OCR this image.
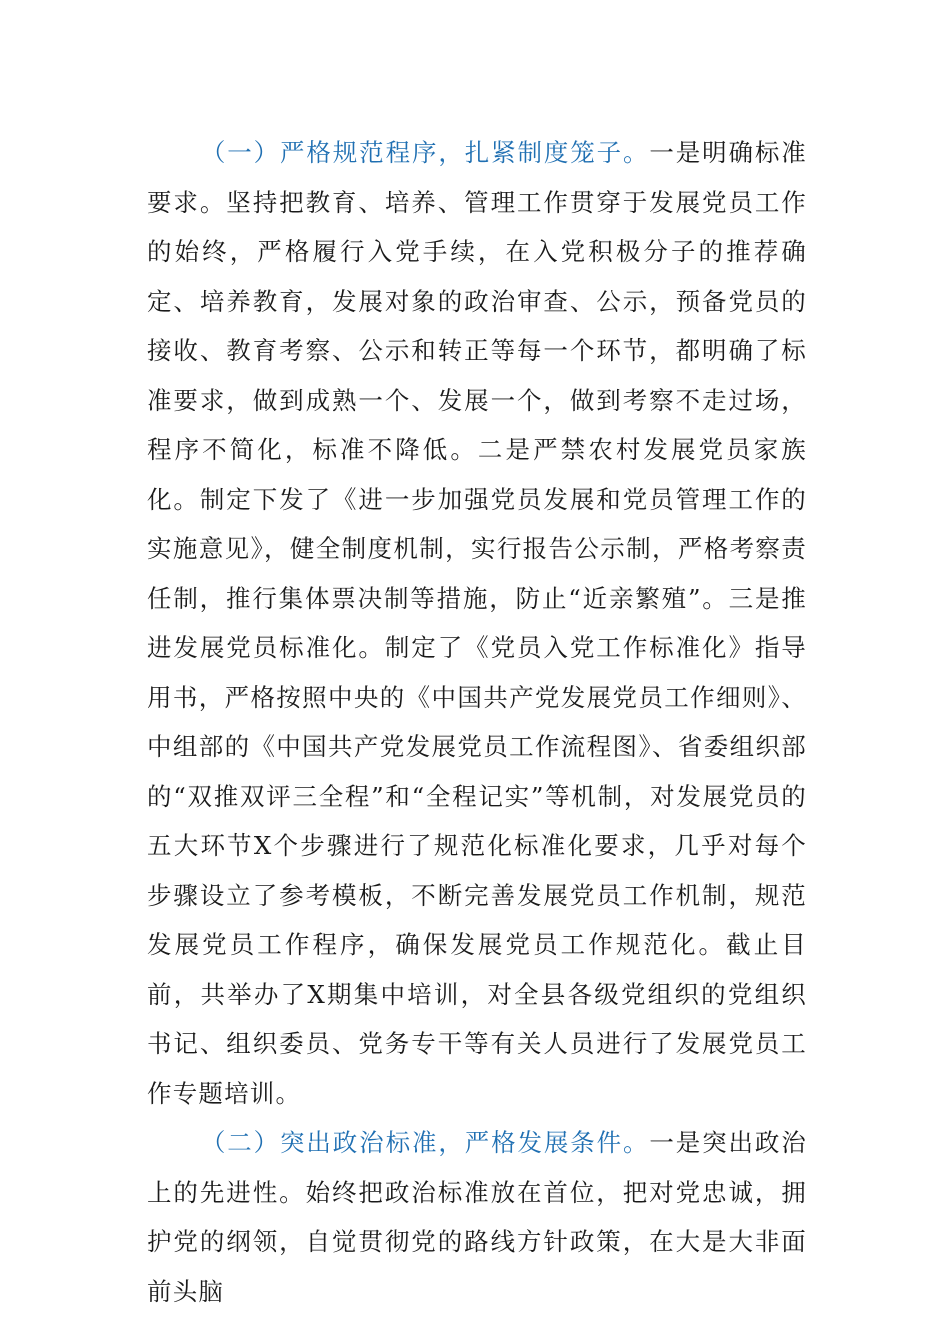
（一）严格规范程序，扎紧制度笼子。一是明确标准要求。坚持把教育、培养、管理工作贯穿于发展党员工作的始终，严格履行入党手续，在入党积极分子的推荐确定、培养教育，发展对象的政治审查、公示，预备党员的接收、教育考察、公示和转正等每一个环节，都明确了标准要求，做到成熟一个、发展一个，做到考察不走过场，程序不简化，标准不降低。二是严禁农村发展党员家族化。制定下发了《进一步加强党员发展和党员管理工作的实施意见》，健全制度机制，实行报告公示制，严格考察责任制，推行集体票决制等措施，防止“近亲繁殖”。三是推进发展党员标准化。制定了《党员入党工作标准化》指导用书，严格按照中央的《中国共产党发展党员工作细则》、中组部的《中国共产党发展党员工作流程图》、省委组织部的“双推双评三全程”和“全程记实”等机制，对发展党员的五大环节X个步骤进行了规范化标准化要求，几乎对每个步骤设立了参考模板，不断完善发展党员工作机制，规范发展党员工作程序，确保发展党员工作规范化。截止目前，共举办了X期集中培训，对全县各级党组织的党组织书记、组织委员、党务专干等有关人员进行了发展党员工作专题培训。

（二）突出政治标准，严格发展条件。一是突出政治上的先进性。始终把政治标准放在首位，把对党忠诚，拥护党的纲领，自觉贯彻党的路线方针政策，在大是大非面前头脑
